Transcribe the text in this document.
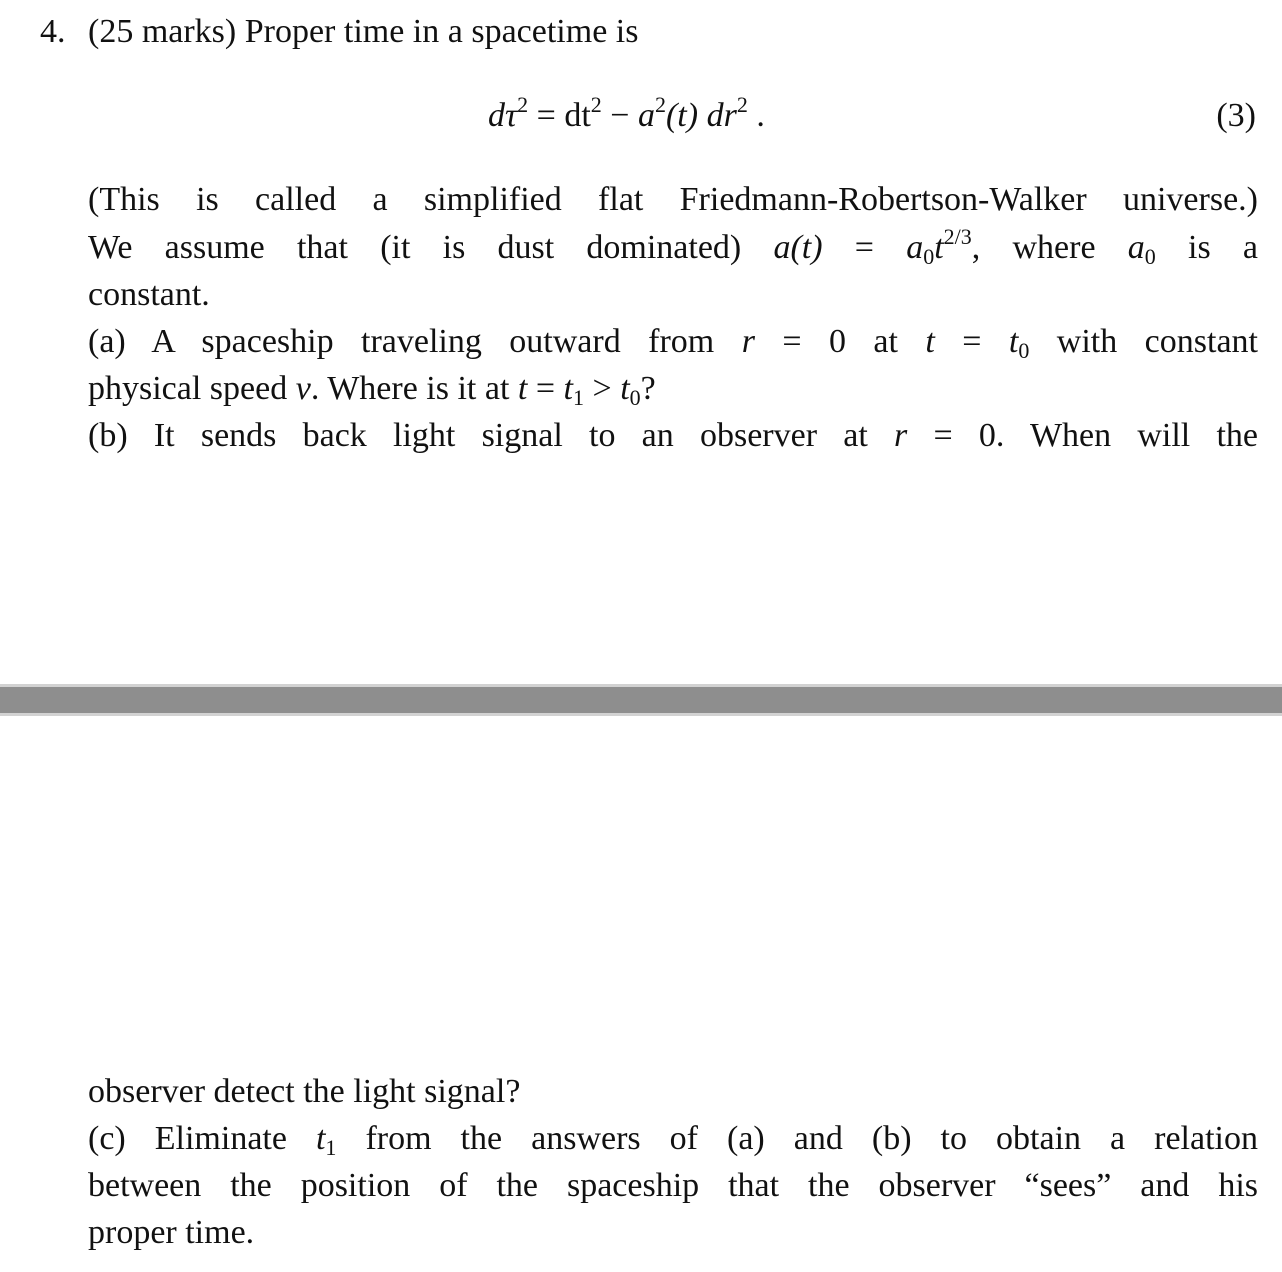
4. (25 marks) Proper time in a spacetime is
$d\tau^2 = dt^2 - a^2(t)$ $dr^2$ .	(3)
(This is called a simplified flat Friedmann-Robertson-Walker universe.)
We assume that (it is dust dominated) $a(t) = a_0t^{2/3}$, where $a_0$ is a
constant.
(a) A spaceship traveling outward from r = 0 at $t = t_0$ with constant
physical speed v. Where is it at $t = t_1 > t_0$?
(b) It sends back light signal to an observer at r = 0. When will the
observer detect the light signal?
(c) Eliminate $t_1$ from the answers of (a) and (b) to obtain a relation
between the position of the spaceship that the observer “sees” and his
proper time.
